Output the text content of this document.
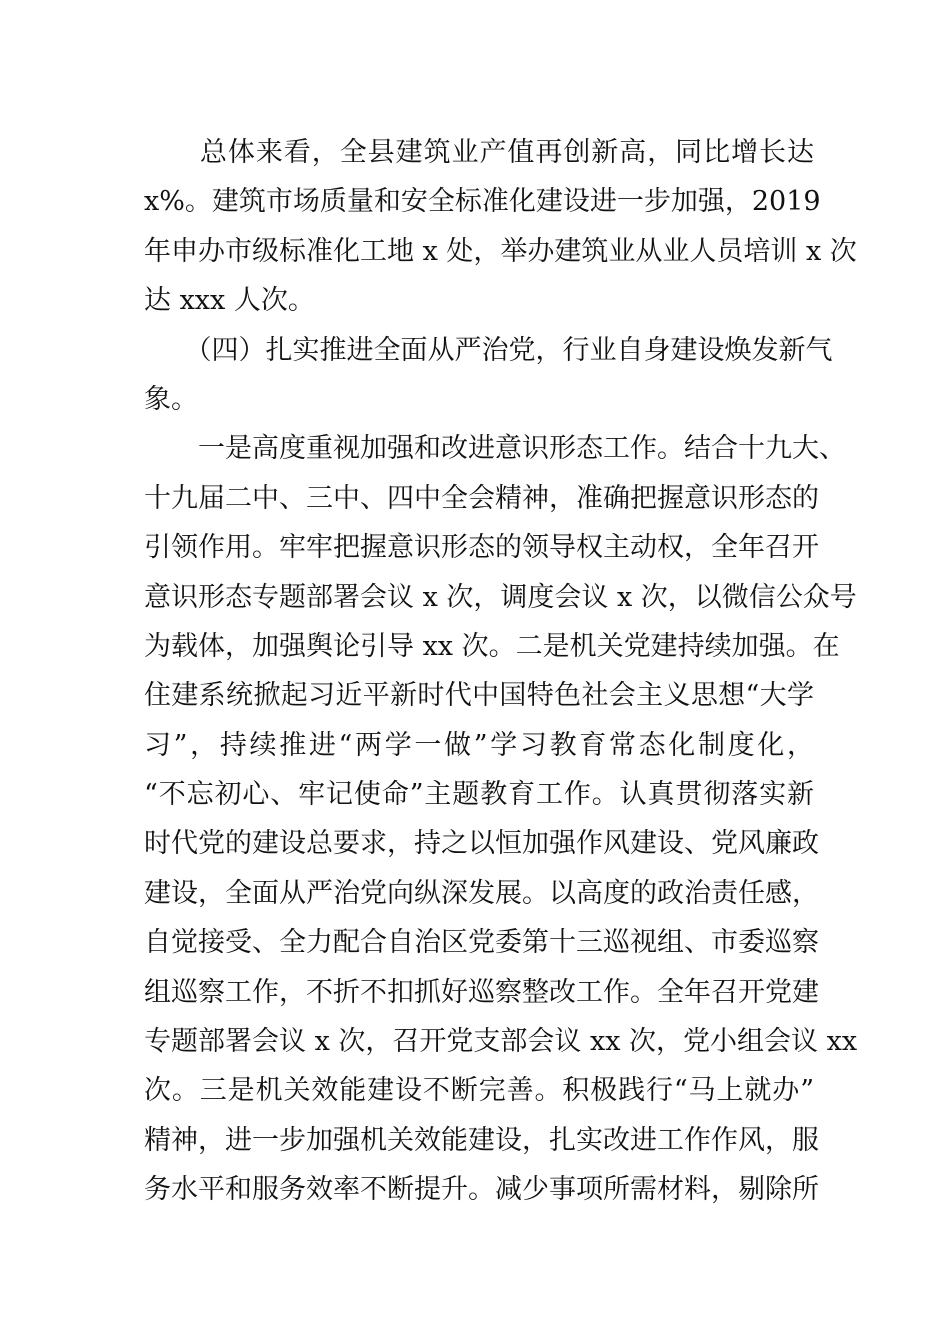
　　总体来看，全县建筑业产值再创新高，同比增长达
x%。建筑市场质量和安全标准化建设进一步加强，2019
年申办市级标准化工地 x 处，举办建筑业从业人员培训 x 次
达 xxx 人次。
　　（四）扎实推进全面从严治党，行业自身建设焕发新气
象。
　　一是高度重视加强和改进意识形态工作。结合十九大、
十九届二中、三中、四中全会精神，准确把握意识形态的
引领作用。牢牢把握意识形态的领导权主动权，全年召开
意识形态专题部署会议 x 次，调度会议 x 次，以微信公众号
为载体，加强舆论引导 xx 次。二是机关党建持续加强。在
住建系统掀起习近平新时代中国特色社会主义思想“大学
习”，持续推进“两学一做”学习教育常态化制度化，
“不忘初心、牢记使命”主题教育工作。认真贯彻落实新
时代党的建设总要求，持之以恒加强作风建设、党风廉政
建设，全面从严治党向纵深发展。以高度的政治责任感，
自觉接受、全力配合自治区党委第十三巡视组、市委巡察
组巡察工作，不折不扣抓好巡察整改工作。全年召开党建
专题部署会议 x 次，召开党支部会议 xx 次，党小组会议 xx
次。三是机关效能建设不断完善。积极践行“马上就办”
精神，进一步加强机关效能建设，扎实改进工作作风，服
务水平和服务效率不断提升。减少事项所需材料，剔除所
